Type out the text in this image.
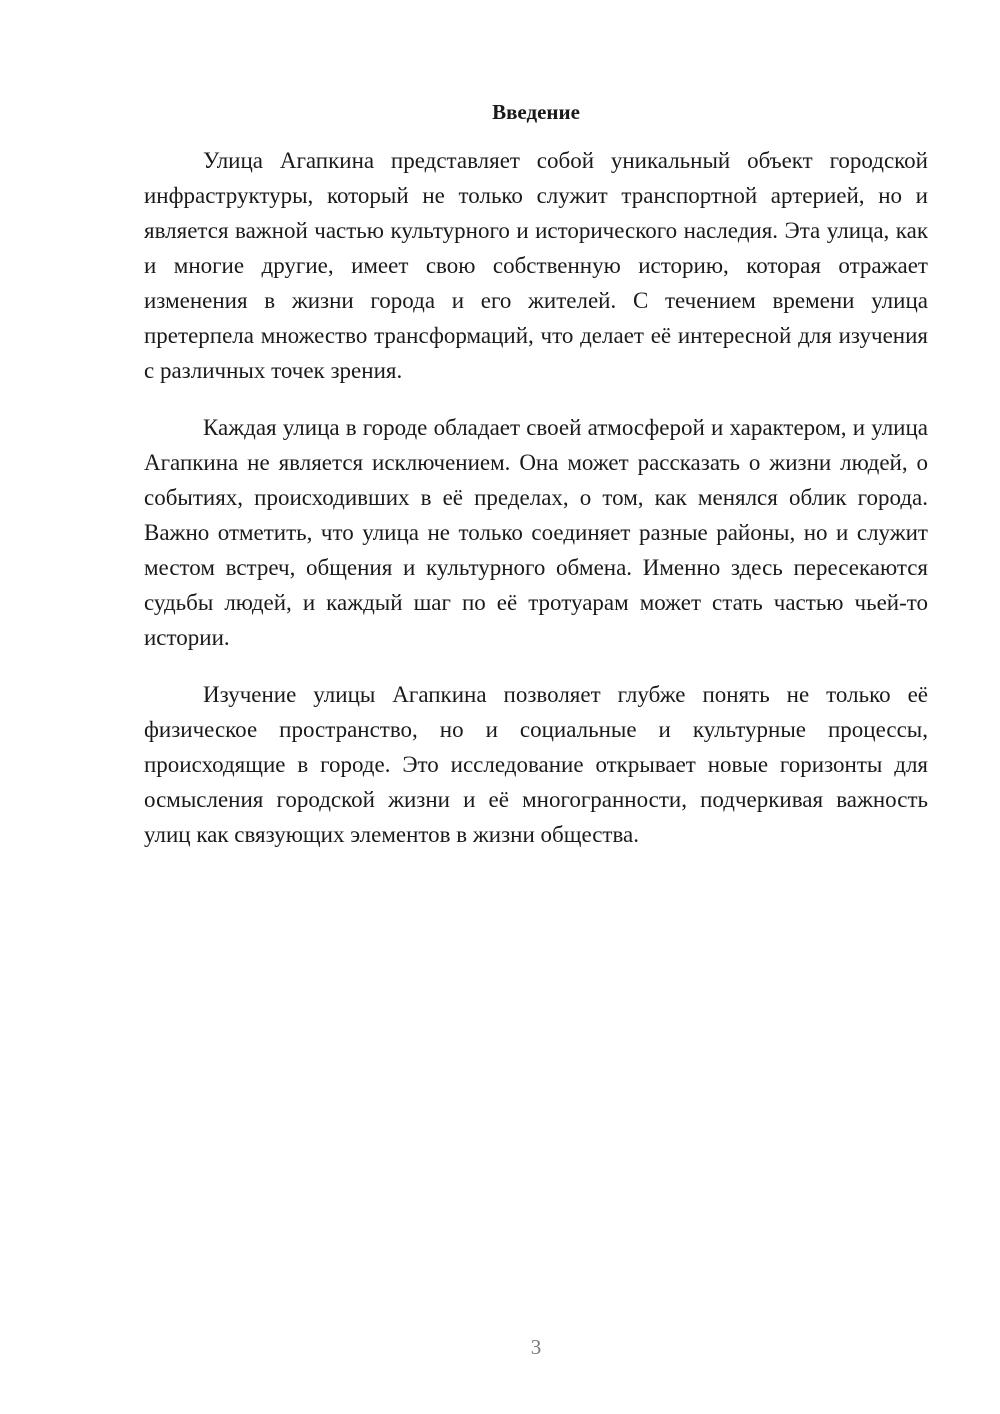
Введение

Улица Агапкина представляет собой уникальный объект городской инфраструктуры, который не только служит транспортной артерией, но и является важной частью культурного и исторического наследия. Эта улица, как и многие другие, имеет свою собственную историю, которая отражает изменения в жизни города и его жителей. С течением времени улица претерпела множество трансформаций, что делает её интересной для изучения с различных точек зрения.

Каждая улица в городе обладает своей атмосферой и характером, и улица Агапкина не является исключением. Она может рассказать о жизни людей, о событиях, происходивших в её пределах, о том, как менялся облик города. Важно отметить, что улица не только соединяет разные районы, но и служит местом встреч, общения и культурного обмена. Именно здесь пересекаются судьбы людей, и каждый шаг по её тротуарам может стать частью чьей-то истории.

Изучение улицы Агапкина позволяет глубже понять не только её физическое пространство, но и социальные и культурные процессы, происходящие в городе. Это исследование открывает новые горизонты для осмысления городской жизни и её многогранности, подчеркивая важность улиц как связующих элементов в жизни общества.

3
